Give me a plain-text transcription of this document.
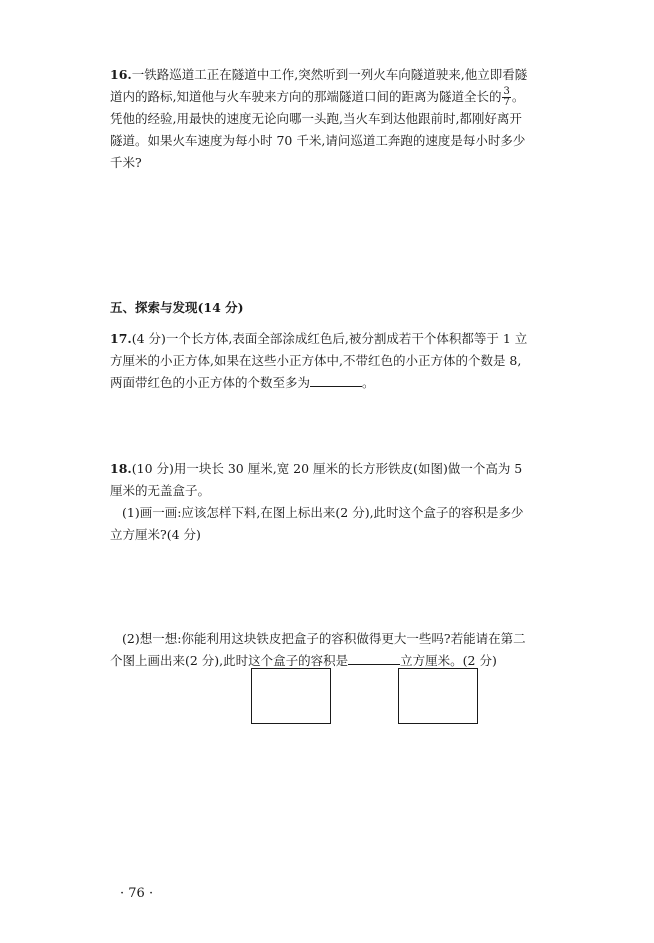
16.一铁路巡道工正在隧道中工作,突然听到一列火车向隧道驶来,他立即看隧道内的路标,知道他与火车驶来方向的那端隧道口间的距离为隧道全长的 $\frac{3}{7}$ 。凭他的经验,用最快的速度无论向哪一头跑,当火车到达他跟前时,都刚好离开隧道。如果火车速度为每小时 70 千米,请问巡道工奔跑的速度是每小时多少千米?

五、探索与发现(14 分)

17.(4 分)一个长方体,表面全部涂成红色后,被分割成若干个体积都等于 1 立方厘米的小正方体,如果在这些小正方体中,不带红色的小正方体的个数是 8,两面带红色的小正方体的个数至多为	。

18.(10 分)用一块长 30 厘米,宽 20 厘米的长方形铁皮(如图)做一个高为 5 厘米的无盖盒子。

(1)画一画:应该怎样下料,在图上标出来(2 分),此时这个盒子的容积是多少立方厘米?(4 分)

(2)想一想:你能利用这块铁皮把盒子的容积做得更大一些吗?若能请在第二个图上画出来(2 分),此时这个盒子的容积是	立方厘米。(2 分)

· 76 ·
